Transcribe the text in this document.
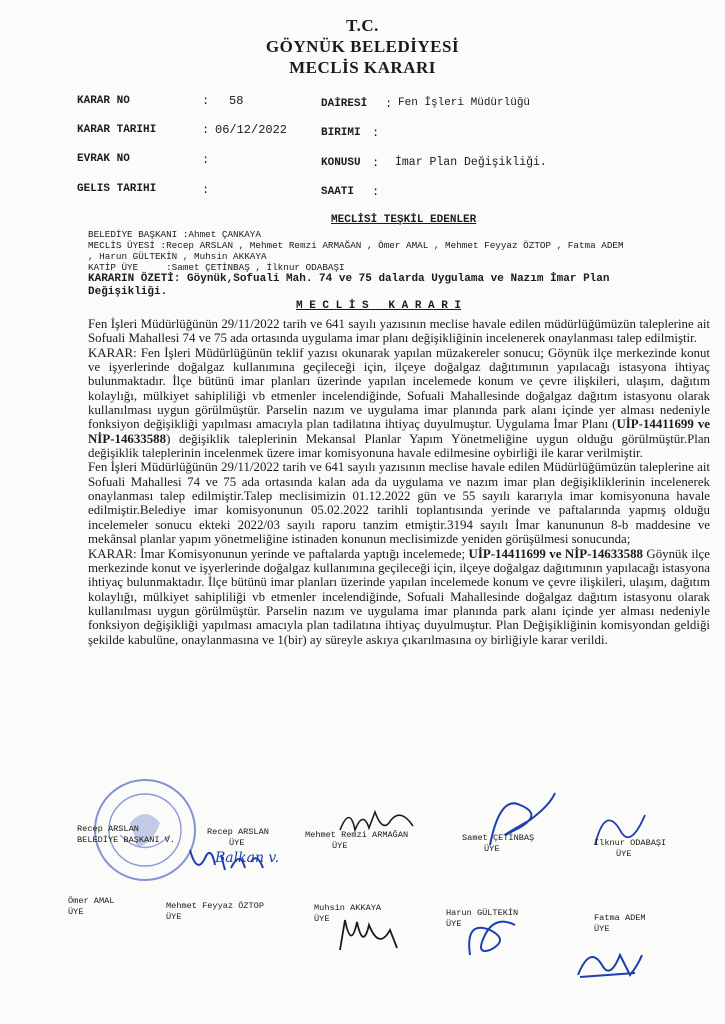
T.C.
GÖYNÜK BELEDİYESİ
MECLİS KARARI
KARAR NO	: 58
KARAR TARIHI	: 06/12/2022
EVRAK NO	:
GELIS TARIHI	:
DAİRESİ : Fen İşleri Müdürlüğü
BIRIMI :
KONUSU : İmar Plan Değişikliği.
SAATI :
MECLİSİ TEŞKİL EDENLER
BELEDİYE BAŞKANI :Ahmet ÇANKAYA
MECLİS ÜYESİ :Recep ARSLAN , Mehmet Remzi ARMAĞAN , Ömer AMAL , Mehmet Feyyaz ÖZTOP , Fatma ADEM
, Harun GÜLTEKİN , Muhsin AKKAYA
KATİP ÜYE     :Samet ÇETİNBAŞ , İlknur ODABAŞI
KARARIN ÖZETİ: Göynük,Sofuali Mah. 74 ve 75 dalarda Uygulama ve Nazım İmar Plan
Değişikliği.
M E C L İ S   K A R A R I

Fen İşleri Müdürlüğünün 29/11/2022 tarih ve 641 sayılı yazısının meclise havale edilen müdürlüğümüzün taleplerine ait Sofuali Mahallesi 74 ve 75 ada ortasında uygulama imar planı değişikliğinin incelenerek onaylanması talep edilmiştir.

KARAR: Fen İşleri Müdürlüğünün teklif yazısı okunarak yapılan müzakereler sonucu; Göynük ilçe merkezinde konut ve işyerlerinde doğalgaz kullanımına geçileceği için, ilçeye doğalgaz dağıtımının yapılacağı istasyona ihtiyaç bulunmaktadır. İlçe bütünü imar planları üzerinde yapılan incelemede konum ve çevre ilişkileri, ulaşım, dağıtım kolaylığı, mülkiyet sahipliliği vb etmenler incelendiğinde, Sofuali Mahallesinde doğalgaz dağıtım istasyonu olarak kullanılması uygun görülmüştür. Parselin nazım ve uygulama imar planında park alanı içinde yer alması nedeniyle fonksiyon değişikliği yapılması amacıyla plan tadilatına ihtiyaç duyulmuştur. Uygulama İmar Planı (UİP-14411699 ve NİP-14633588) değişiklik taleplerinin Mekansal Planlar Yapım Yönetmeliğine uygun olduğu görülmüştür.Plan değişiklik taleplerinin incelenmek üzere imar komisyonuna havale edilmesine oybirliği ile karar verilmiştir.

Fen İşleri Müdürlüğünün 29/11/2022 tarih ve 641 sayılı yazısının meclise havale edilen Müdürlüğümüzün taleplerine ait Sofuali Mahallesi 74 ve 75 ada ortasında kalan ada da uygulama ve nazım imar plan değişikliklerinin incelenerek onaylanması talep edilmiştir.Talep meclisimizin 01.12.2022 gün ve 55 sayılı kararıyla imar komisyonuna havale edilmiştir.Belediye imar komisyonunun 05.02.2022 tarihli toplantısında yerinde ve paftalarında yapmış olduğu incelemeler sonucu ekteki 2022/03 sayılı raporu tanzim etmiştir.3194 sayılı İmar kanununun 8-b maddesine ve mekânsal planlar yapım yönetmeliğine istinaden konunun meclisimizde yeniden görüşülmesi sonucunda;

KARAR: İmar Komisyonunun yerinde ve paftalarda yaptığı incelemede; UİP-14411699 ve NİP-14633588 Göynük ilçe merkezinde konut ve işyerlerinde doğalgaz kullanımına geçileceği için, ilçeye doğalgaz dağıtımının yapılacağı istasyona ihtiyaç bulunmaktadır. İlçe bütünü imar planları üzerinde yapılan incelemede konum ve çevre ilişkileri, ulaşım, dağıtım kolaylığı, mülkiyet sahipliliği vb etmenler incelendiğinde, Sofuali Mahallesinde doğalgaz dağıtım istasyonu olarak kullanılması uygun görülmüştür. Parselin nazım ve uygulama imar planında park alanı içinde yer alması nedeniyle fonksiyon değişikliği yapılması amacıyla plan tadilatına ihtiyaç duyulmuştur. Plan Değişikliğinin komisyondan geldiği şekilde kabulüne, onaylanmasına ve 1(bir) ay süreyle askıya çıkarılmasına oy birliğiyle karar verildi.

Balkan v.
Recep ARSLAN
BELEDİYE BAŞKANI V.
Recep ARSLAN
ÜYE
Mehmet Remzi ARMAĞAN
ÜYE
Samet ÇETİNBAŞ
ÜYE
İlknur ODABAŞI
ÜYE
Ömer AMAL
ÜYE
Mehmet Feyyaz ÖZTOP
ÜYE
Muhsin AKKAYA
ÜYE
Harun GÜLTEKİN
ÜYE
Fatma ADEM
ÜYE
